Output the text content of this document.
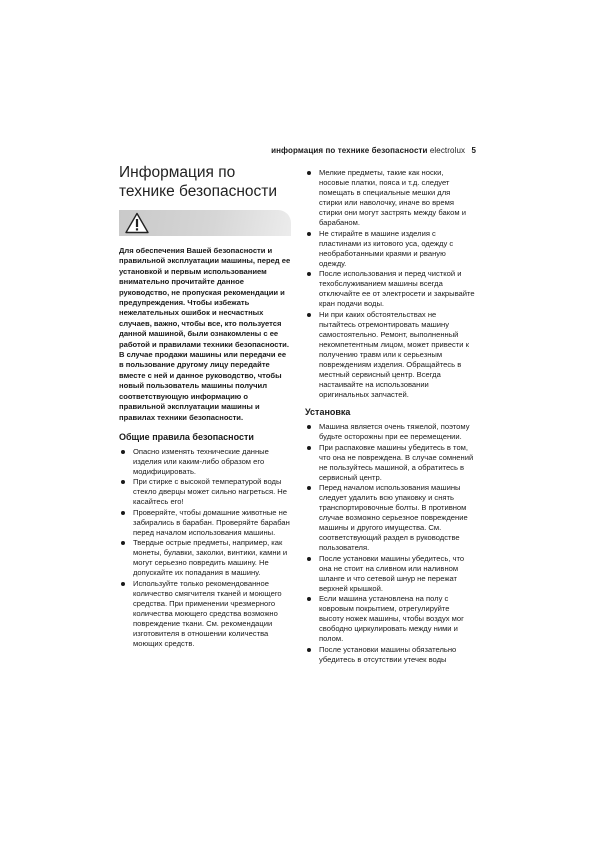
информация по технике безопасности electrolux 5
Информация по технике безопасности

Для обеспечения Вашей безопасности и правильной эксплуатации машины, перед ее установкой и первым использованием внимательно прочитайте данное руководство, не пропуская рекомендации и предупреждения. Чтобы избежать нежелательных ошибок и несчастных случаев, важно, чтобы все, кто пользуется данной машиной, были ознакомлены с ее работой и правилами техники безопасности. В случае продажи машины или передачи ее в пользование другому лицу передайте вместе с ней и данное руководство, чтобы новый пользователь машины получил соответствующую информацию о правильной эксплуатации машины и правилах техники безопасности.

Общие правила безопасности
Опасно изменять технические данные изделия или каким-либо образом его модифицировать.
При стирке с высокой температурой воды стекло дверцы может сильно нагреться. Не касайтесь его!
Проверяйте, чтобы домашние животные не забирались в барабан. Проверяйте барабан перед началом использования машины.
Твердые острые предметы, например, как монеты, булавки, заколки, винтики, камни и могут серьезно повредить машину. Не допускайте их попадания в машину.
Используйте только рекомендованное количество смягчителя тканей и моющего средства. При применении чрезмерного количества моющего средства возможно повреждение ткани. См. рекомендации изготовителя в отношении количества моющих средств.
Мелкие предметы, такие как носки, носовые платки, пояса и т.д. следует помещать в специальные мешки для стирки или наволочку, иначе во время стирки они могут застрять между баком и барабаном.
Не стирайте в машине изделия с пластинами из китового уса, одежду с необработанными краями и рваную одежду.
После использования и перед чисткой и техобслуживанием машины всегда отключайте ее от электросети и закрывайте кран подачи воды.
Ни при каких обстоятельствах не пытайтесь отремонтировать машину самостоятельно. Ремонт, выполненный некомпетентным лицом, может привести к получению травм или к серьезным повреждениям изделия. Обращайтесь в местный сервисный центр. Всегда настаивайте на использовании оригинальных запчастей.
Установка
Машина является очень тяжелой, поэтому будьте осторожны при ее перемещении.
При распаковке машины убедитесь в том, что она не повреждена. В случае сомнений не пользуйтесь машиной, а обратитесь в сервисный центр.
Перед началом использования машины следует удалить всю упаковку и снять транспортировочные болты. В противном случае возможно серьезное повреждение машины и другого имущества. См. соответствующий раздел в руководстве пользователя.
После установки машины убедитесь, что она не стоит на сливном или наливном шланге и что сетевой шнур не пережат верхней крышкой.
Если машина установлена на полу с ковровым покрытием, отрегулируйте высоту ножек машины, чтобы воздух мог свободно циркулировать между ними и полом.
После установки машины обязательно убедитесь в отсутствии утечек воды
